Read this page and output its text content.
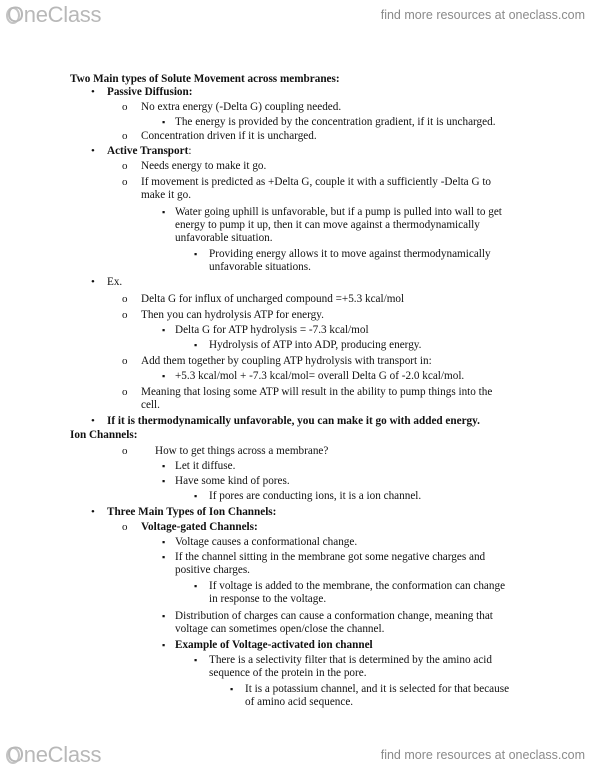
OneClass	find more resources at oneclass.com
Two Main types of Solute Movement across membranes:
•
Passive Diffusion:
o
No extra energy (-Delta G) coupling needed.
▪
The energy is provided by the concentration gradient, if it is uncharged.
o
Concentration driven if it is uncharged.
•
Active Transport:
o
Needs energy to make it go.
o
If movement is predicted as +Delta G, couple it with a sufficiently -Delta G to
make it go.
▪
Water going uphill is unfavorable, but if a pump is pulled into wall to get
energy to pump it up, then it can move against a thermodynamically
unfavorable situation.
▪
Providing energy allows it to move against thermodynamically
unfavorable situations.
•
Ex.
o
Delta G for influx of uncharged compound =+5.3 kcal/mol
o
Then you can hydrolysis ATP for energy.
▪
Delta G for ATP hydrolysis = -7.3 kcal/mol
▪
Hydrolysis of ATP into ADP, producing energy.
o
Add them together by coupling ATP hydrolysis with transport in:
▪
+5.3 kcal/mol + -7.3 kcal/mol= overall Delta G of -2.0 kcal/mol.
o
Meaning that losing some ATP will result in the ability to pump things into the
cell.
•
If it is thermodynamically unfavorable, you can make it go with added energy.
Ion Channels:
o
How to get things across a membrane?
▪
Let it diffuse.
▪
Have some kind of pores.
▪
If pores are conducting ions, it is a ion channel.
•
Three Main Types of Ion Channels:
o
Voltage-gated Channels:
▪
Voltage causes a conformational change.
▪
If the channel sitting in the membrane got some negative charges and
positive charges.
▪
If voltage is added to the membrane, the conformation can change
in response to the voltage.
▪
Distribution of charges can cause a conformation change, meaning that
voltage can sometimes open/close the channel.
▪
Example of Voltage-activated ion channel
▪
There is a selectivity filter that is determined by the amino acid
sequence of the protein in the pore.
▪
It is a potassium channel, and it is selected for that because
of amino acid sequence.
OneClass	find more resources at oneclass.com
